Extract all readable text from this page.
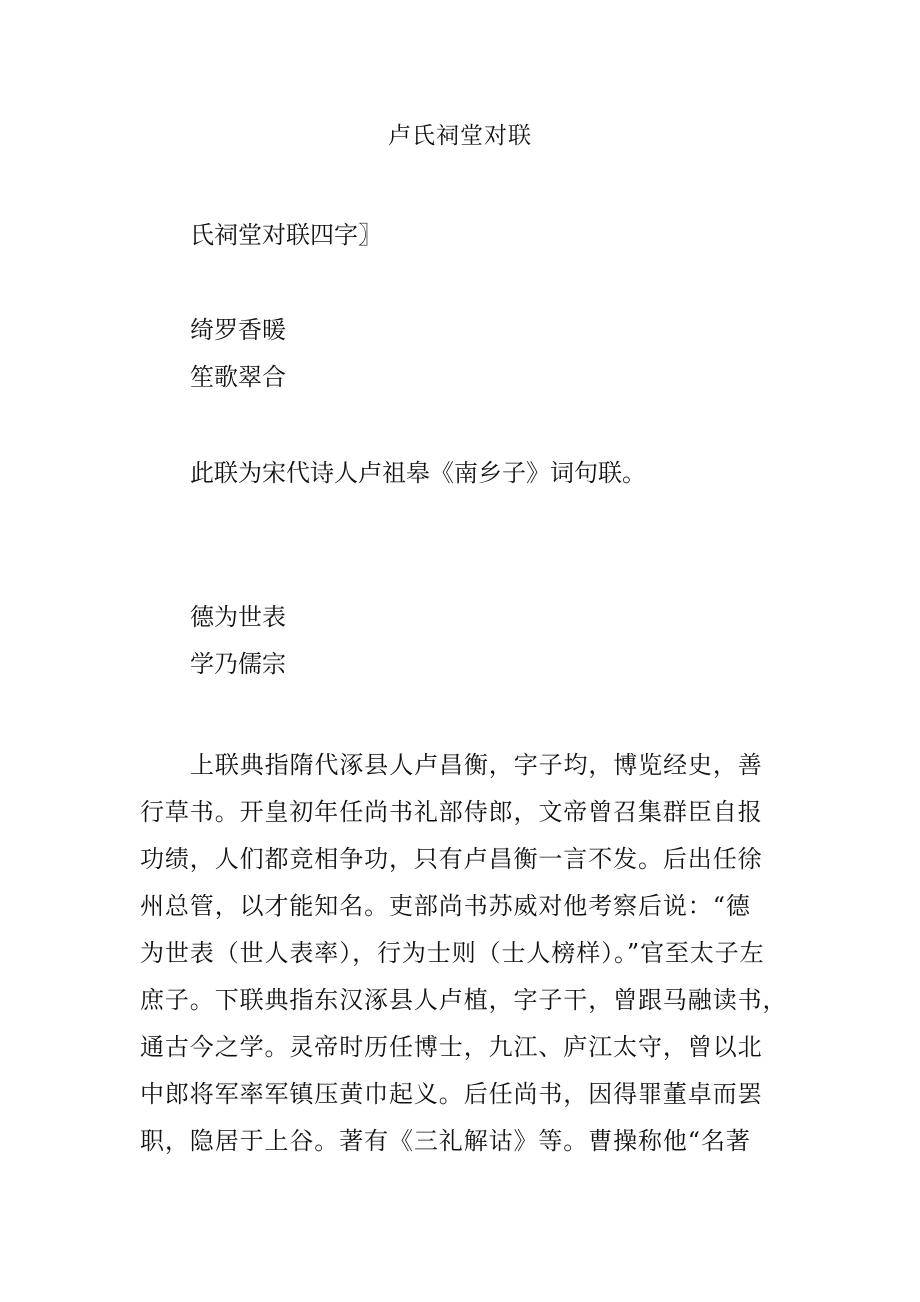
卢氏祠堂对联
氏祠堂对联四字〗
绮罗香暖
笙歌翠合
此联为宋代诗人卢祖皋《南乡子》词句联。
德为世表
学乃儒宗
上联典指隋代涿县人卢昌衡，字子均，博览经史，善
行草书。开皇初年任尚书礼部侍郎，文帝曾召集群臣自报
功绩，人们都竞相争功，只有卢昌衡一言不发。后出任徐
州总管，以才能知名。吏部尚书苏威对他考察后说：“德
为世表（世人表率），行为士则（士人榜样）。”官至太子左
庶子。下联典指东汉涿县人卢植，字子干，曾跟马融读书，
通古今之学。灵帝时历任博士，九江、庐江太守，曾以北
中郎将军率军镇压黄巾起义。后任尚书，因得罪董卓而罢
职，隐居于上谷。著有《三礼解诂》等。曹操称他“名著
